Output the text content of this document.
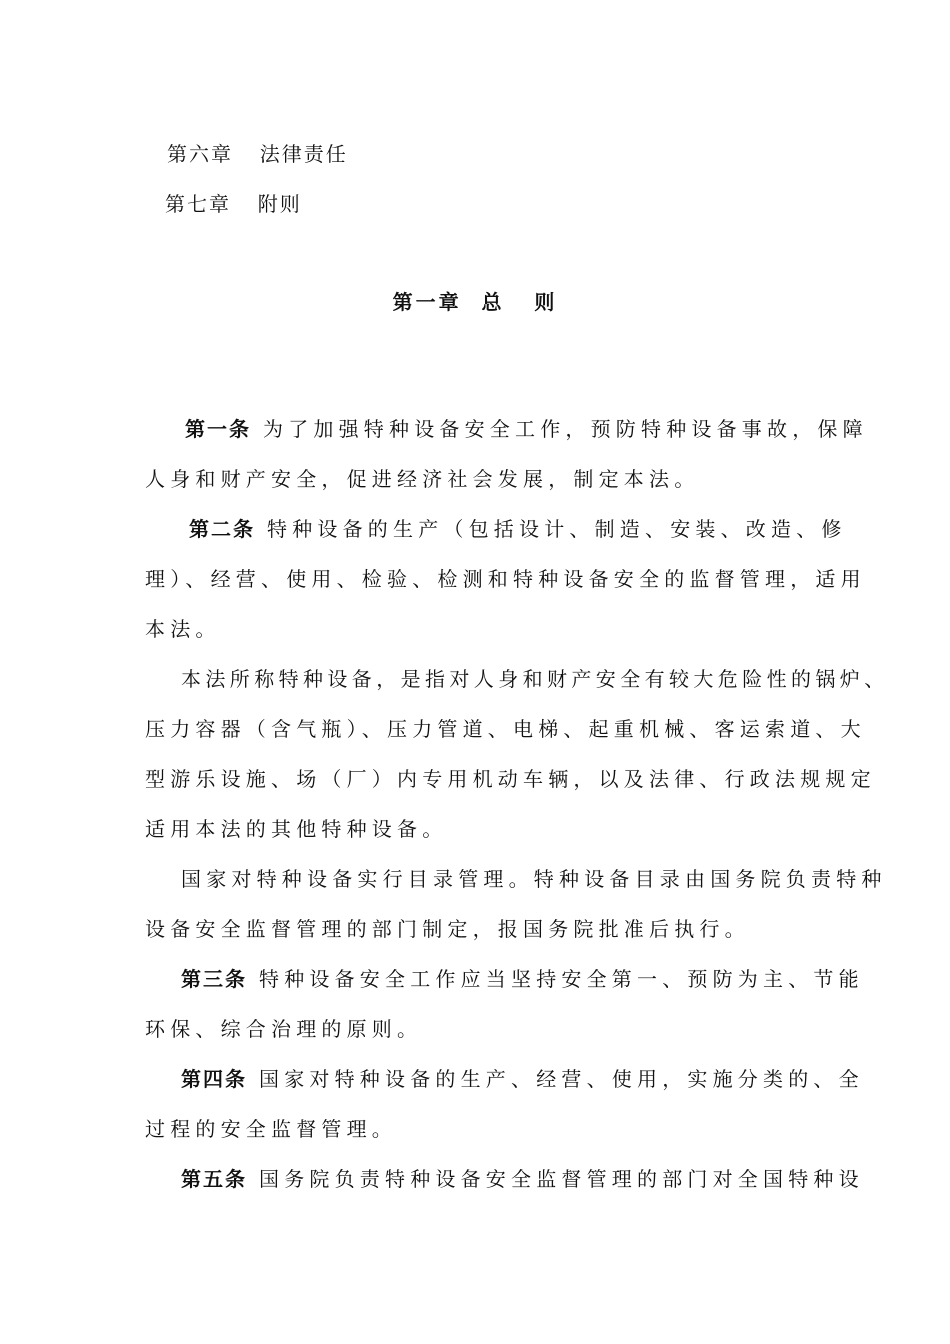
第六章 法律责任
第七章 附则
第一章  总   则
第一条 为了加强特种设备安全工作，预防特种设备事故，保障
人身和财产安全，促进经济社会发展，制定本法。
第二条 特种设备的生产（包括设计、制造、安装、改造、修
理）、经营、使用、检验、检测和特种设备安全的监督管理，适用
本法。
本法所称特种设备，是指对人身和财产安全有较大危险性的锅炉、
压力容器（含气瓶）、压力管道、电梯、起重机械、客运索道、大
型游乐设施、场（厂）内专用机动车辆，以及法律、行政法规规定
适用本法的其他特种设备。
国家对特种设备实行目录管理。特种设备目录由国务院负责特种
设备安全监督管理的部门制定，报国务院批准后执行。
第三条 特种设备安全工作应当坚持安全第一、预防为主、节能
环保、综合治理的原则。
第四条 国家对特种设备的生产、经营、使用，实施分类的、全
过程的安全监督管理。
第五条 国务院负责特种设备安全监督管理的部门对全国特种设
